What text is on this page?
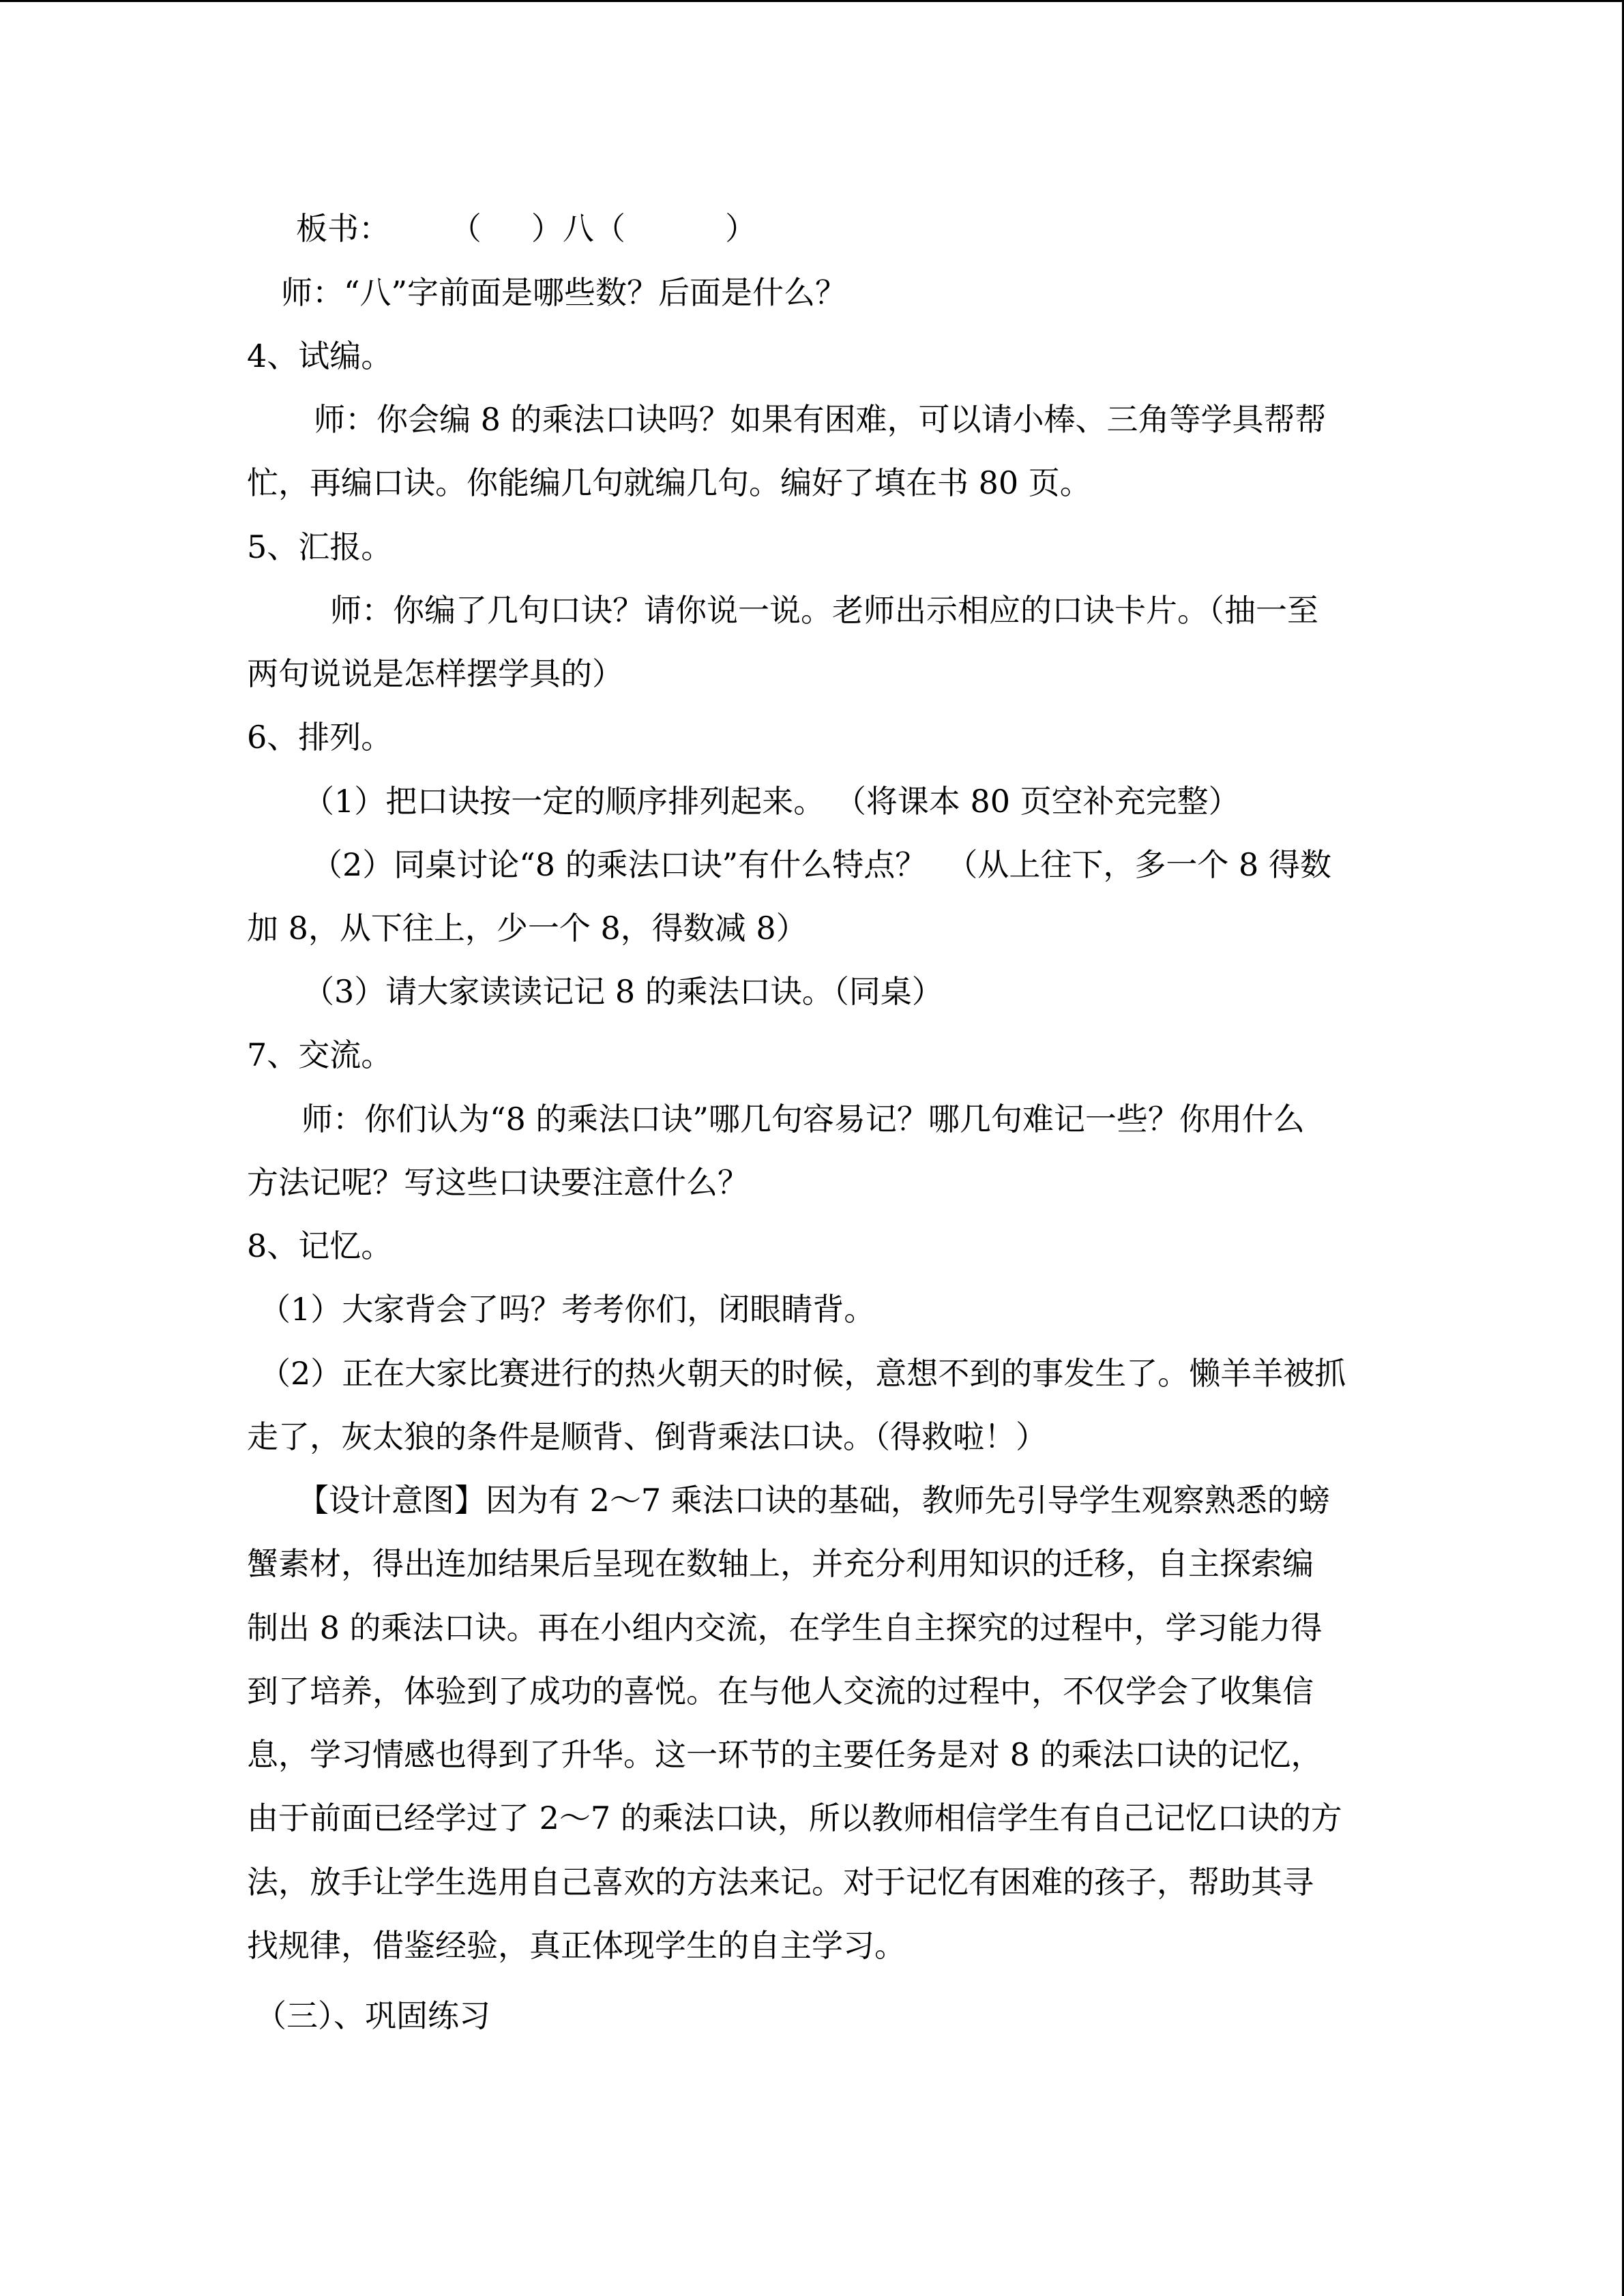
板书：      （     ）八（          ）
师：“八”字前面是哪些数？后面是什么？
4、试编。
师：你会编 8 的乘法口诀吗？如果有困难，可以请小棒、三角等学具帮帮
忙，再编口诀。你能编几句就编几句。编好了填在书 80 页。
5、汇报。
师：你编了几句口诀？请你说一说。老师出示相应的口诀卡片。（抽一至
两句说说是怎样摆学具的）
6、排列。
（1）把口诀按一定的顺序排列起来。 （将课本 80 页空补充完整）
（2）同桌讨论“8 的乘法口诀”有什么特点？  （从上往下，多一个 8 得数
加 8，从下往上，少一个 8，得数减 8）
（3）请大家读读记记 8 的乘法口诀。（同桌）
7、交流。
师：你们认为“8 的乘法口诀”哪几句容易记？哪几句难记一些？你用什么
方法记呢？写这些口诀要注意什么？
8、记忆。
（1）大家背会了吗？考考你们，闭眼睛背。
（2）正在大家比赛进行的热火朝天的时候，意想不到的事发生了。懒羊羊被抓
走了，灰太狼的条件是顺背、倒背乘法口诀。（得救啦！）
【设计意图】因为有 2～7 乘法口诀的基础，教师先引导学生观察熟悉的螃
蟹素材，得出连加结果后呈现在数轴上，并充分利用知识的迁移，自主探索编
制出 8 的乘法口诀。再在小组内交流，在学生自主探究的过程中，学习能力得
到了培养，体验到了成功的喜悦。在与他人交流的过程中，不仅学会了收集信
息，学习情感也得到了升华。这一环节的主要任务是对 8 的乘法口诀的记忆，
由于前面已经学过了 2～7 的乘法口诀，所以教师相信学生有自己记忆口诀的方
法，放手让学生选用自己喜欢的方法来记。对于记忆有困难的孩子，帮助其寻
找规律，借鉴经验，真正体现学生的自主学习。
（三）、巩固练习
